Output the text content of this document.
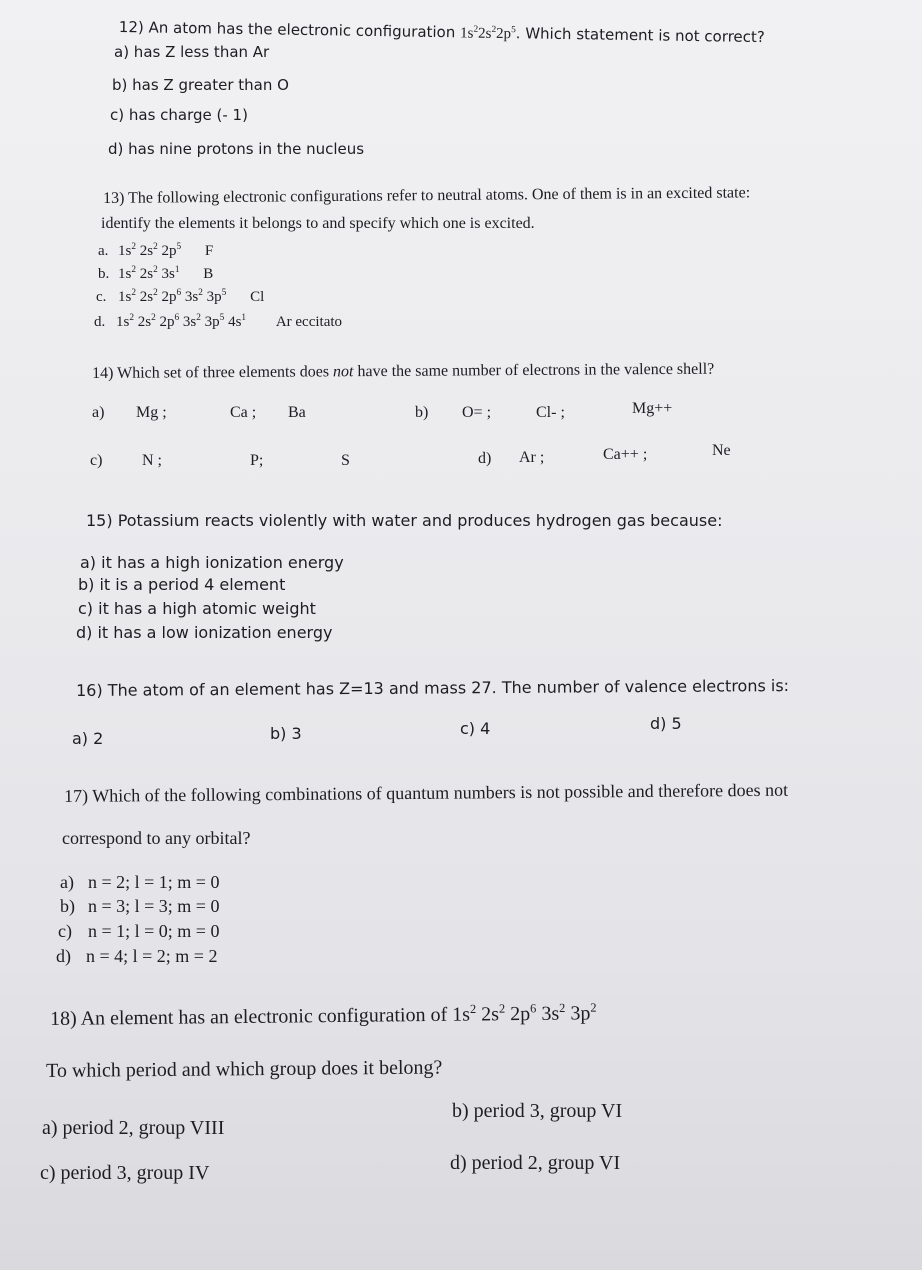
12) An atom has the electronic configuration $1s^22s^22p^5$. Which statement is not correct?
a) has Z less than Ar
b) has Z greater than O
c) has charge (- 1)
d) has nine protons in the nucleus
13) The following electronic configurations refer to neutral atoms. One of them is in an excited state:
identify the elements it belongs to and specify which one is excited.
a. $1s^2$ $2s^2$ $2p^5$ F
b. $1s^2$ $2s^2$ $3s^1$ B
c. $1s^2$ $2s^2$ $2p^6$ $3s^2$ $3p^5$ Cl
d. $1s^2$ $2s^2$ $2p^6$ $3s^2$ $3p^5$ $4s^1$ Ar eccitato
14) Which set of three elements does not have the same number of electrons in the valence shell?
a) Mg ;	Ca ; Ba	b) O= ;	Cl- ;	Mg++
c) N ;	P;	S	d) Ar ;	Ca++ ;	Ne
15) Potassium reacts violently with water and produces hydrogen gas because:
a) it has a high ionization energy
b) it is a period 4 element
c) it has a high atomic weight
d) it has a low ionization energy
16) The atom of an element has Z=13 and mass 27. The number of valence electrons is:
a) 2	b) 3	c) 4	d) 5
17) Which of the following combinations of quantum numbers is not possible and therefore does not
correspond to any orbital?
a) n = 2; l = 1; m = 0
b) n = 3; l = 3; m = 0
c) n = 1; l = 0; m = 0
d) n = 4; l = 2; m = 2
18) An element has an electronic configuration of $1s^2$ $2s^2$ $2p^6$ $3s^2$ $3p^2$
To which period and which group does it belong?
a) period 2, group VIII
b) period 3, group VI
c) period 3, group IV	d) period 2, group VI
